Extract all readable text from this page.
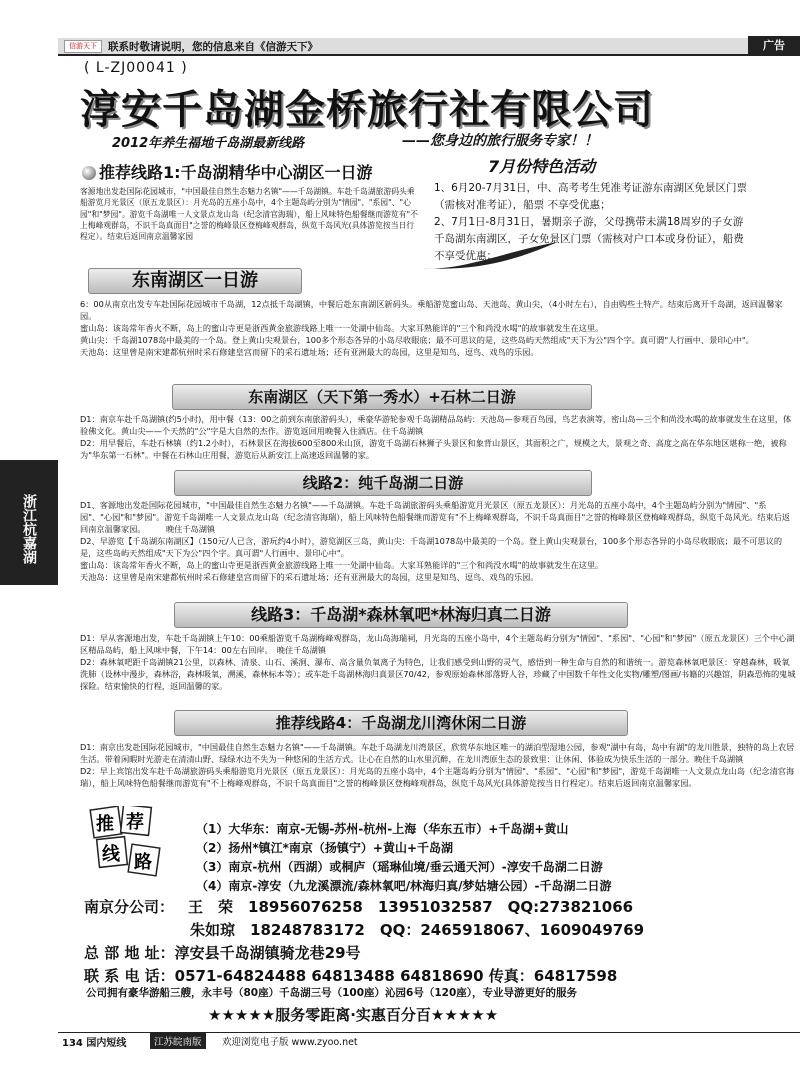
信游天下	联系时敬请说明，您的信息来自《信游天下》	广告
浙江杭嘉湖
( L-ZJ00041 )
淳安千岛湖金桥旅行社有限公司
2012年养生福地千岛湖最新线路	——您身边的旅行服务专家！！
推荐线路1:千岛湖精华中心湖区一日游
客源地出发赴国际花园城市，"中国最佳自然生态魅力名镇"——千岛湖镇。车赴千岛湖旅游码头乘船游览月光景区（原五龙景区）：月光岛的五座小岛中，4个主题岛屿分别为"情园"、"系园"、"心园"和"梦园"。游览千岛湖唯一人文景点龙山岛（纪念清官海瑞），船上风味特色船餐继而游览有"不上梅峰观群岛，不识千岛真面目"之誉的梅峰景区登梅峰观群岛，纵览千岛风光(具体游览按当日行程定）。结束后返回南京温馨家园
7月份特色活动

1、6月20-7月31日，中、高考考生凭准考证游东南湖区免景区门票（需核对准考证），船票 不享受优惠；

2、7月1日-8月31日，暑期亲子游，父母携带未满18周岁的子女游千岛湖东南湖区，子女免景区门票（需核对户口本或身份证），船费不享受优惠；

东南湖区一日游

6：00从南京出发专车赴国际花园城市千岛湖，12点抵千岛湖镇，中餐后赴东南湖区新码头。乘船游览蜜山岛、天池岛、黄山尖，（4小时左右），自由购些土特产。结束后离开千岛湖，返回温馨家园。

蜜山岛：该岛常年香火不断，岛上的蜜山寺更是浙西黄金旅游线路上唯一一处湖中仙岛。大家耳熟能详的"三个和尚没水喝"的故事就发生在这里。

黄山尖：千岛湖1078岛中最美的一个岛。登上黄山尖观景台，100多个形态各异的小岛尽收眼底；最不可思议的是，这些岛屿天然组成"天下为公"四个字。真可谓"人行画中、景印心中"。

天池岛：这里曾是南宋建都杭州时采石修建皇宫而留下的采石遗址场；还有亚洲最大的岛园，这里是知鸟、逗鸟、戏鸟的乐园。

东南湖区（天下第一秀水）+石林二日游

D1：南京车赴千岛湖镇(约5小时)，用中餐（13：00之前到东南旅游码头），乘豪华游轮参观千岛湖精品岛屿：天池岛—参观百鸟园，鸟艺表演等，密山岛—三个和尚没水喝的故事就发生在这里，体验佛文化。黄山尖——个天然的"公"字是大自然的杰作。游览返回用晚餐入住酒店。住千岛湖镇

D2：用早餐后，车赴石林镇（约1.2小时），石林景区在海拔600至800米山顶，游览千岛湖石林狮子头景区和象背山景区，其面积之广，规模之大，景观之奇、高度之高在华东地区堪称一绝，被称为"华东第一石林"。中餐在石林山庄用餐，游览后从新安江上高速返回温馨的家。

线路2：纯千岛湖二日游

D1、客源地出发赴国际花园城市，"中国最佳自然生态魅力名镇"——千岛湖镇。车赴千岛湖旅游码头乘船游览月光景区（原五龙景区）：月光岛的五座小岛中，4个主题岛屿分别为"情园"、"系园"、"心园"和"梦园"。游览千岛湖唯一人文景点龙山岛（纪念清官海瑞），船上风味特色船餐继而游览有"不上梅峰观群岛，不识千岛真面目"之誉的梅峰景区登梅峰观群岛，纵览千岛风光。结束后返回南京温馨家园。　　　晚住千岛湖镇

D2、早游览【千岛湖东南湖区】（150元/人已含，游玩约4小时），游览湖区三岛，黄山尖：千岛湖1078岛中最美的一个岛。登上黄山尖观景台，100多个形态各异的小岛尽收眼底；最不可思议的是，这些岛屿天然组成"天下为公"四个字。真可谓"人行画中、景印心中"。

蜜山岛：该岛常年香火不断，岛上的蜜山寺更是浙西黄金旅游线路上唯一一处湖中仙岛。大家耳熟能详的"三个和尚没水喝"的故事就发生在这里。

天池岛：这里曾是南宋建都杭州时采石修建皇宫而留下的采石遗址场；还有亚洲最大的岛园，这里是知鸟、逗鸟、戏鸟的乐园。

线路3：千岛湖*森林氧吧*林海归真二日游

D1：早从客源地出发，车赴千岛湖镇上午10：00乘船游览千岛湖梅峰观群岛，龙山岛海瑞祠，月光岛的五座小岛中，4个主题岛屿分别为"情园"、"系园"、"心园"和"梦园"（原五龙景区）三个中心湖区精品岛屿，船上风味中餐，下午14：00左右回岸。　晚住千岛湖镇

D2：森林氧吧距千岛湖镇21公里，以森林、清泉、山石、溪涧、瀑布、高含量负氧离子为特色，让我们感受到山野的灵气，感悟到一种生命与自然的和谐统一。游览森林氧吧景区：穿越森林，吸氧洗肺（设林中漫步，森林浴，森林吸氧，溯溪，森林标本等）；或车赴千岛湖林海归真景区70/42，参观原始森林部落野人谷，珍藏了中国数千年性文化实物/雕塑/图画/书籍的兴趣馆，阴森恐怖的鬼城探险。结束愉快的行程，返回温馨的家。

推荐线路4：千岛湖龙川湾休闲二日游

D1：南京出发赴国际花园城市，"中国最佳自然生态魅力名镇"——千岛湖镇。车赴千岛湖龙川湾景区，欣赏华东地区唯一的湖泊型湿地公园，参观"湖中有岛，岛中有湖"的龙川胜景，独特的岛上农居生活。带着闲暇时光游走在清清山野、绿绿水边不失为一种悠闲的生活方式。让心在自然的山水里沉醉，在龙川湾原生态的景致里：让休闲、体验成为快乐生活的一部分。晚住千岛湖镇

D2：早上宾馆出发车赴千岛湖旅游码头乘船游览月光景区（原五龙景区）：月光岛的五座小岛中，4个主题岛屿分别为"情园"、"系园"、"心园"和"梦园"，游览千岛湖唯一人文景点龙山岛（纪念清官海瑞），船上风味特色船餐继而游览有"不上梅峰观群岛，不识千岛真面目"之誉的梅峰景区登梅峰观群岛，纵览千岛风光(具体游览按当日行程定）。结束后返回南京温馨家园。

推 荐
线 路
（1）大华东：南京-无锡-苏州-杭州-上海（华东五市）+千岛湖+黄山
（2）扬州*镇江*南京（扬镇宁）+黄山+千岛湖
（3）南京-杭州（西湖）或桐庐（瑶琳仙境/垂云通天河）-淳安千岛湖二日游
（4）南京-淳安（九龙溪漂流/森林氧吧/林海归真/梦姑塘公园）-千岛湖二日游
南京分公司： 王　荣　 18956076258　13951032587　QQ:273821066
朱如琼　 18248783172　QQ：2465918067、1609049769
总 部 地 址：淳安县千岛湖镇骑龙巷29号
联 系 电 话：0571-64824488 64813488 64818690 传真：64817598
公司拥有豪华游船三艘，永丰号（80座）千岛湖三号（100座）沁园6号（120座），专业导游更好的服务
★★★★★服务零距离·实惠百分百★★★★★
134 国内短线	江苏皖南版	欢迎浏览电子版 www.zyoo.net
